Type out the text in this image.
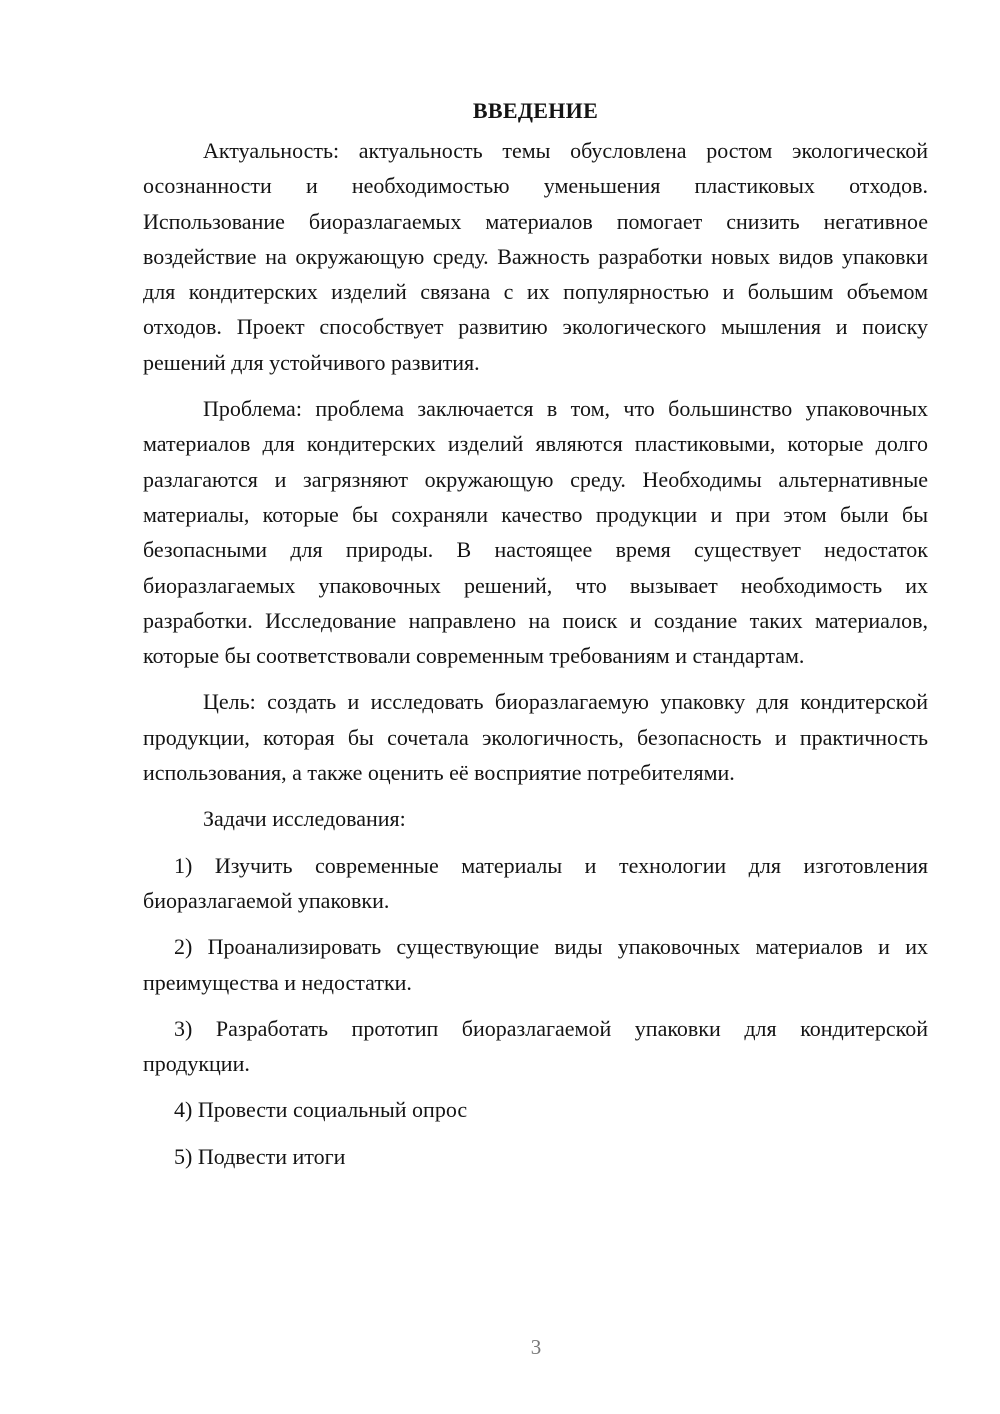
ВВЕДЕНИЕ

Актуальность: актуальность темы обусловлена ростом экологической осознанности и необходимостью уменьшения пластиковых отходов. Использование биоразлагаемых материалов помогает снизить негативное воздействие на окружающую среду. Важность разработки новых видов упаковки для кондитерских изделий связана с их популярностью и большим объемом отходов. Проект способствует развитию экологического мышления и поиску решений для устойчивого развития.

Проблема: проблема заключается в том, что большинство упаковочных материалов для кондитерских изделий являются пластиковыми, которые долго разлагаются и загрязняют окружающую среду. Необходимы альтернативные материалы, которые бы сохраняли качество продукции и при этом были бы безопасными для природы. В настоящее время существует недостаток биоразлагаемых упаковочных решений, что вызывает необходимость их разработки. Исследование направлено на поиск и создание таких материалов, которые бы соответствовали современным требованиям и стандартам.

Цель: создать и исследовать биоразлагаемую упаковку для кондитерской продукции, которая бы сочетала экологичность, безопасность и практичность использования, а также оценить её восприятие потребителями.

Задачи исследования:

1) Изучить современные материалы и технологии для изготовления биоразлагаемой упаковки.

2) Проанализировать существующие виды упаковочных материалов и их преимущества и недостатки.

3) Разработать прототип биоразлагаемой упаковки для кондитерской продукции.

4) Провести социальный опрос

5) Подвести итоги

3
